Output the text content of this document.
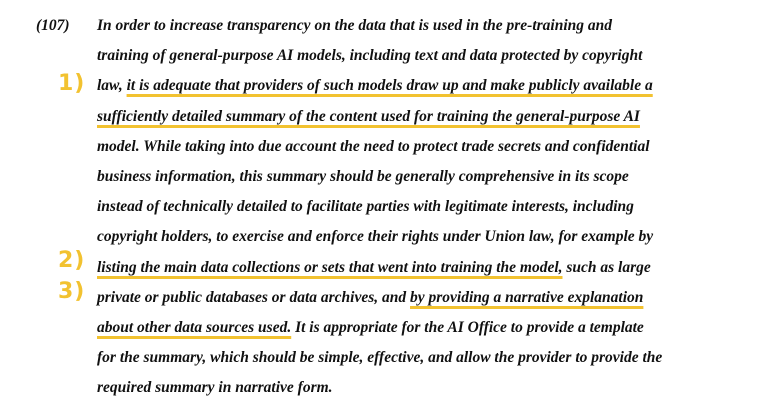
(107)
1)
2)
3)
In order to increase transparency on the data that is used in the pre-training and
training of general-purpose AI models, including text and data protected by copyright
law, it is adequate that providers of such models draw up and make publicly available a
sufficiently detailed summary of the content used for training the general-purpose AI
model. While taking into due account the need to protect trade secrets and confidential
business information, this summary should be generally comprehensive in its scope
instead of technically detailed to facilitate parties with legitimate interests, including
copyright holders, to exercise and enforce their rights under Union law, for example by
listing the main data collections or sets that went into training the model, such as large
private or public databases or data archives, and by providing a narrative explanation
about other data sources used. It is appropriate for the AI Office to provide a template
for the summary, which should be simple, effective, and allow the provider to provide the
required summary in narrative form.
